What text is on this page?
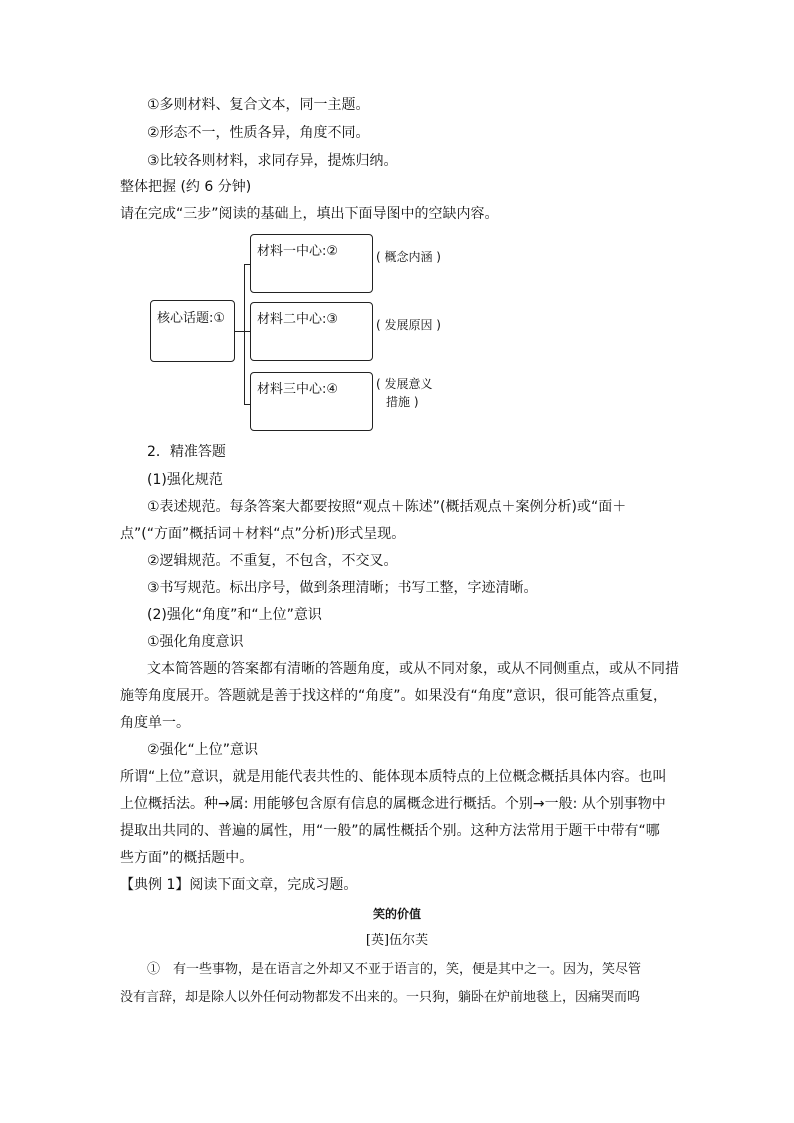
①多则材料、复合文本，同一主题。
②形态不一，性质各异，角度不同。
③比较各则材料，求同存异，提炼归纳。
整体把握 (约 6 分钟)
请在完成“三步”阅读的基础上，填出下面导图中的空缺内容。
核心话题:①
材料一中心:②
材料二中心:③
材料三中心:④
( 概念内涵 )
( 发展原因 )
( 发展意义
措施 )
2．精准答题
(1)强化规范
①表述规范。每条答案大都要按照“观点＋陈述”(概括观点＋案例分析)或“面＋
点”(“方面”概括词＋材料“点”分析)形式呈现。
②逻辑规范。不重复，不包含，不交叉。
③书写规范。标出序号，做到条理清晰；书写工整，字迹清晰。
(2)强化“角度”和“上位”意识
①强化角度意识
文本简答题的答案都有清晰的答题角度，或从不同对象，或从不同侧重点，或从不同措
施等角度展开。答题就是善于找这样的“角度”。如果没有“角度”意识，很可能答点重复，
角度单一。
②强化“上位”意识
所谓“上位”意识，就是用能代表共性的、能体现本质特点的上位概念概括具体内容。也叫
上位概括法。种→属: 用能够包含原有信息的属概念进行概括。个别→一般: 从个别事物中
提取出共同的、普遍的属性，用“一般”的属性概括个别。这种方法常用于题干中带有“哪
些方面”的概括题中。
【典例 1】阅读下面文章，完成习题。
笑的价值
[英]伍尔芙
①　有一些事物，是在语言之外却又不亚于语言的，笑，便是其中之一。因为，笑尽管
没有言辞，却是除人以外任何动物都发不出来的。一只狗，躺卧在炉前地毯上，因痛哭而呜
